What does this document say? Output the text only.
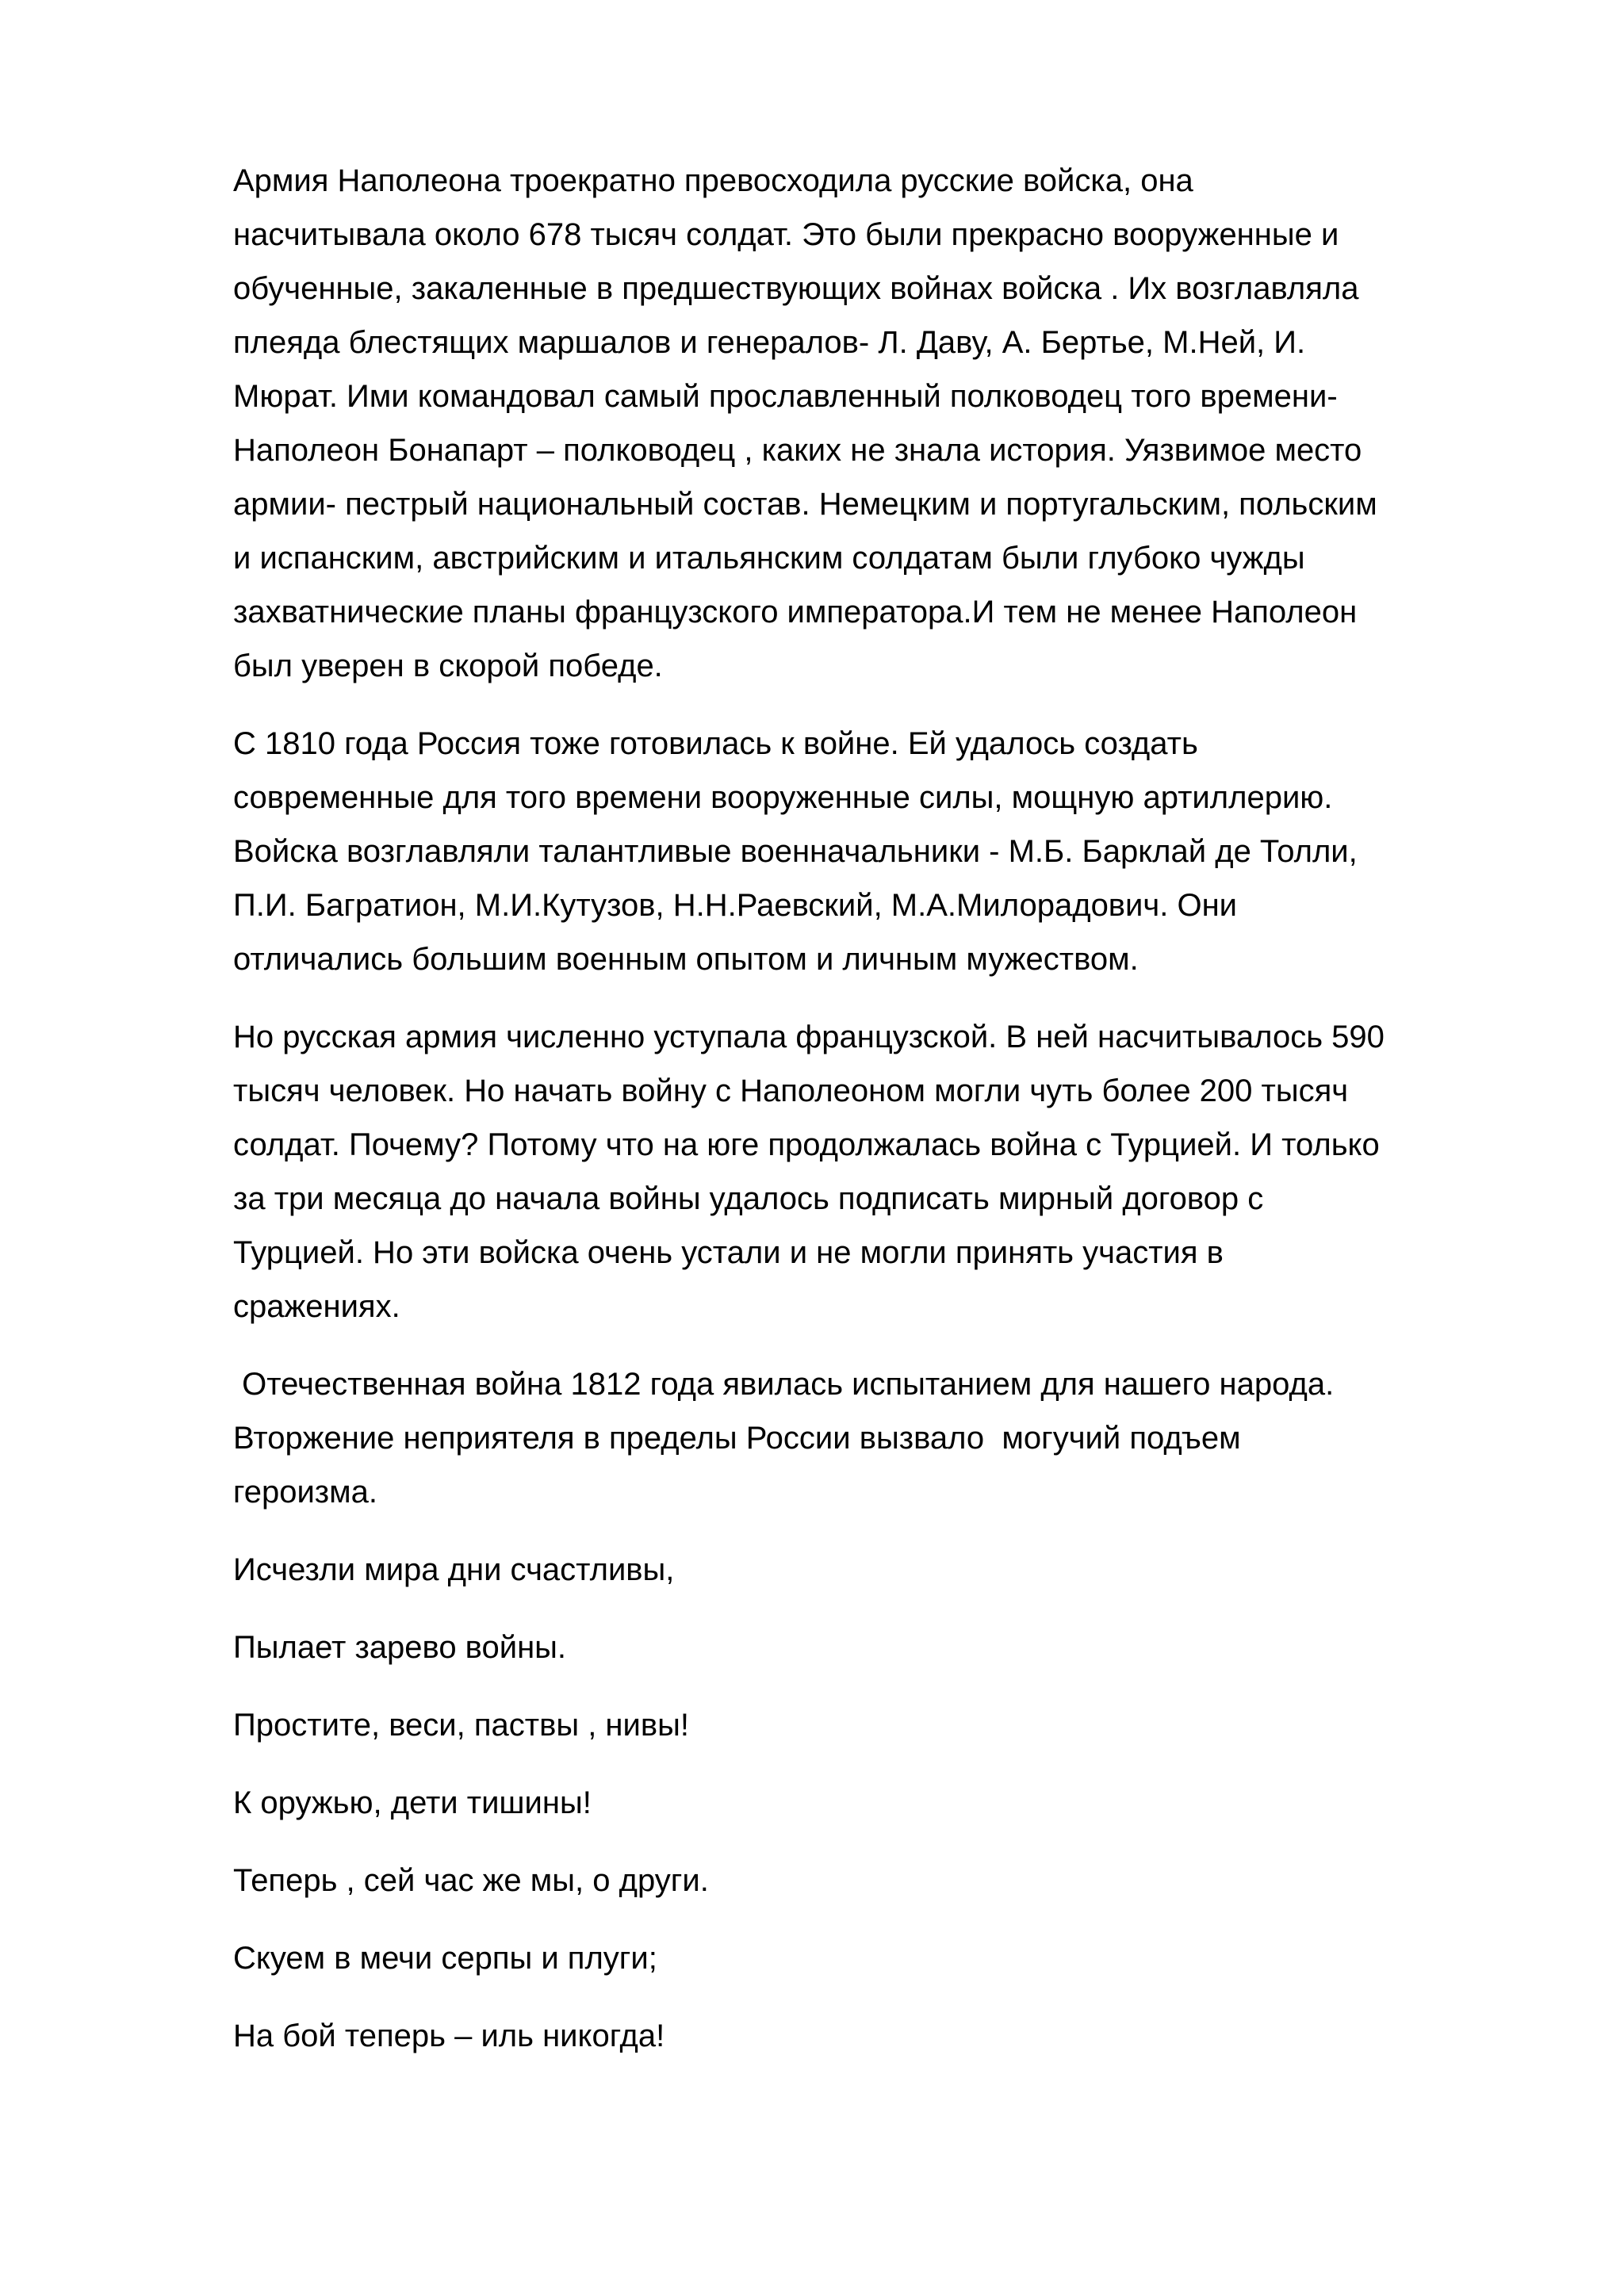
Армия Наполеона троекратно превосходила русские войска, она
насчитывала около 678 тысяч солдат. Это были прекрасно вооруженные и
обученные, закаленные в предшествующих войнах войска . Их возглавляла
плеяда блестящих маршалов и генералов- Л. Даву, А. Бертье, М.Ней, И.
Мюрат. Ими командовал самый прославленный полководец того времени-
Наполеон Бонапарт – полководец , каких не знала история. Уязвимое место
армии- пестрый национальный состав. Немецким и португальским, польским
и испанским, австрийским и итальянским солдатам были глубоко чужды
захватнические планы французского императора.И тем не менее Наполеон
был уверен в скорой победе.

С 1810 года Россия тоже готовилась к войне. Ей удалось создать
современные для того времени вооруженные силы, мощную артиллерию.
Войска возглавляли талантливые военначальники - М.Б. Барклай де Толли,
П.И. Багратион, М.И.Кутузов, Н.Н.Раевский, М.А.Милорадович. Они
отличались большим военным опытом и личным мужеством.

Но русская армия численно уступала французской. В ней насчитывалось 590
тысяч человек. Но начать войну с Наполеоном могли чуть более 200 тысяч
солдат. Почему? Потому что на юге продолжалась война с Турцией. И только
за три месяца до начала войны удалось подписать мирный договор с
Турцией. Но эти войска очень устали и не могли принять участия в
сражениях.

Отечественная война 1812 года явилась испытанием для нашего народа.
Вторжение неприятеля в пределы России вызвало  могучий подъем
героизма.

Исчезли мира дни счастливы,
Пылает зарево войны.
Простите, веси, паствы , нивы!
К оружью, дети тишины!
Теперь , сей час же мы, о други.
Скуем в мечи серпы и плуги;
На бой теперь – иль никогда!
